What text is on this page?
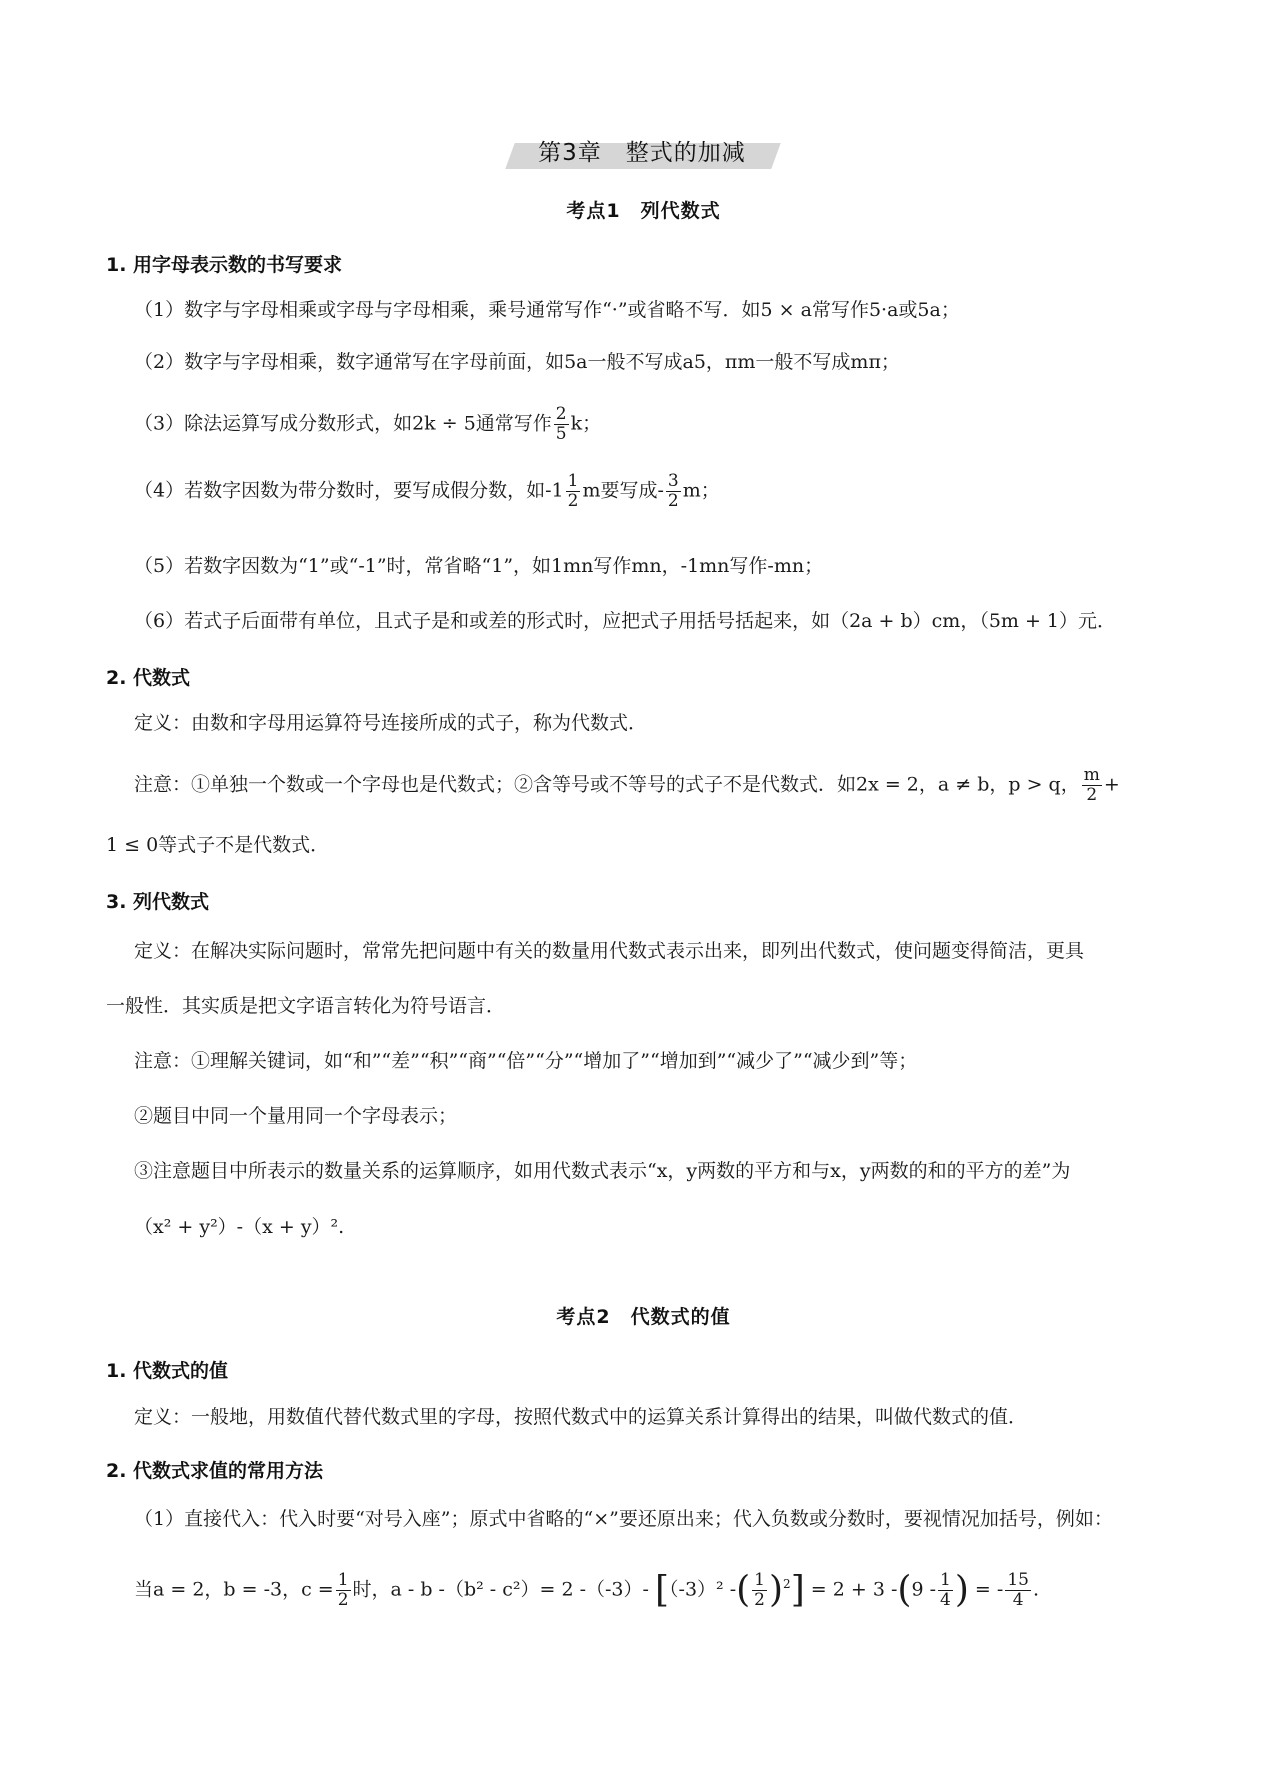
第3章　整式的加减
考点1　列代数式
1. 用字母表示数的书写要求
（1）数字与字母相乘或字母与字母相乘，乘号通常写作“·”或省略不写．如5 × a常写作5·a或5a；
（2）数字与字母相乘，数字通常写在字母前面，如5a一般不写成a5，πm一般不写成mπ；
（3）除法运算写成分数形式，如2k ÷ 5通常写作 $\frac{2}{5}$ k；
（4）若数字因数为带分数时，要写成假分数，如$-1 \frac{1}{2}$ m要写成- $\frac{3}{2}$ m；
（5）若数字因数为“1”或“-1”时，常省略“1”，如1mn写作mn，-1mn写作-mn；
（6）若式子后面带有单位，且式子是和或差的形式时，应把式子用括号括起来，如（2a + b）cm，（5m + 1）元．
2. 代数式
定义：由数和字母用运算符号连接所成的式子，称为代数式．
注意：①单独一个数或一个字母也是代数式；②含等号或不等号的式子不是代数式．如2x = 2，a ≠ b，p > q， $\frac{m}{2}$ +
1 ≤ 0等式子不是代数式．
3. 列代数式
定义：在解决实际问题时，常常先把问题中有关的数量用代数式表示出来，即列出代数式，使问题变得简洁，更具
一般性．其实质是把文字语言转化为符号语言．
注意：①理解关键词，如“和”“差”“积”“商”“倍”“分”“增加了”“增加到”“减少了”“减少到”等；
②题目中同一个量用同一个字母表示；
③注意题目中所表示的数量关系的运算顺序，如用代数式表示“x，y两数的平方和与x，y两数的和的平方的差”为
（x² + y²）-（x + y）².
考点2　代数式的值
1. 代数式的值
定义：一般地，用数值代替代数式里的字母，按照代数式中的运算关系计算得出的结果，叫做代数式的值．
2. 代数式求值的常用方法
（1）直接代入：代入时要“对号入座”；原式中省略的“×”要还原出来；代入负数或分数时，要视情况加括号，例如：
当a = 2，b = -3，$c = \frac{1}{2}$ 时，a - b -（b² - c²）= 2 -（-3）- [（-3）² -( $\frac{1}{2} )^2] = 2 + 3$ $-(9 - \frac{1}{4}$ ) = - $\frac{15}{4}$ .
